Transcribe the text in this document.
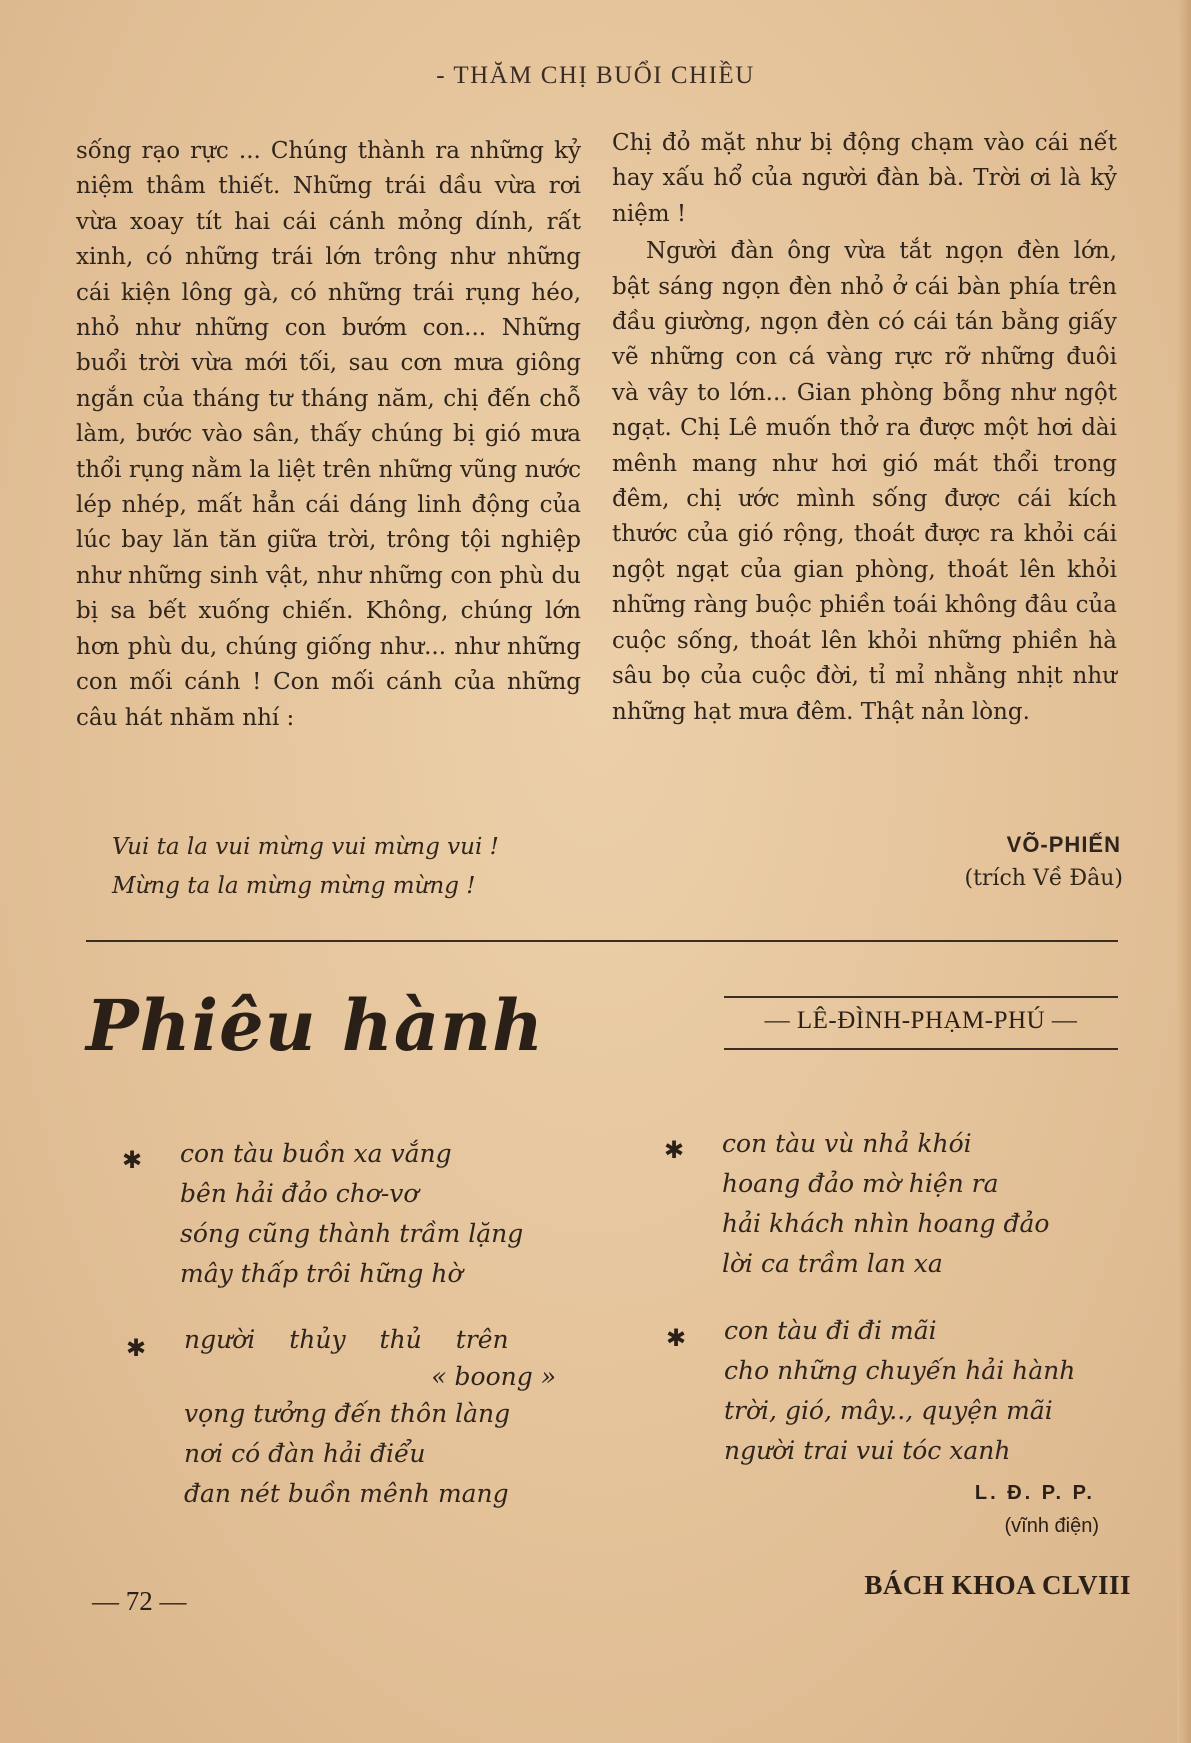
- THĂM CHỊ BUỔI CHIỀU

sống rạo rực ... Chúng thành ra những kỷ niệm thâm thiết. Những trái dầu vừa rơi vừa xoay tít hai cái cánh mỏng dính, rất xinh, có những trái lớn trông như những cái kiện lông gà, có những trái rụng héo, nhỏ như những con bướm con... Những buổi trời vừa mới tối, sau cơn mưa giông ngắn của tháng tư tháng năm, chị đến chỗ làm, bước vào sân, thấy chúng bị gió mưa thổi rụng nằm la liệt trên những vũng nước lép nhép, mất hẳn cái dáng linh động của lúc bay lăn tăn giữa trời, trông tội nghiệp như những sinh vật, như những con phù du bị sa bết xuống chiến. Không, chúng lớn hơn phù du, chúng giống như... như những con mối cánh ! Con mối cánh của những câu hát nhăm nhí :

Vui ta la vui mừng vui mừng vui !
Mừng ta la mừng mừng mừng !

Chị đỏ mặt như bị động chạm vào cái nết hay xấu hổ của người đàn bà. Trời ơi là kỷ niệm !

Người đàn ông vừa tắt ngọn đèn lớn, bật sáng ngọn đèn nhỏ ở cái bàn phía trên đầu giường, ngọn đèn có cái tán bằng giấy vẽ những con cá vàng rực rỡ những đuôi và vây to lớn... Gian phòng bỗng như ngột ngạt. Chị Lê muốn thở ra được một hơi dài mênh mang như hơi gió mát thổi trong đêm, chị ước mình sống được cái kích thước của gió rộng, thoát được ra khỏi cái ngột ngạt của gian phòng, thoát lên khỏi những ràng buộc phiền toái không đâu của cuộc sống, thoát lên khỏi những phiền hà sâu bọ của cuộc đời, tỉ mỉ nhằng nhịt như những hạt mưa đêm. Thật nản lòng.

VÕ-PHIẾN
(trích Về Đâu)
Phiêu hành	— LÊ-ĐÌNH-PHẠM-PHÚ —
✱ con tàu buồn xa vắng
bên hải đảo chơ-vơ
sóng cũng thành trầm lặng
mây thấp trôi hững hờ
✱ người thủy thủ trên
« boong »
vọng tưởng đến thôn làng
nơi có đàn hải điểu
đan nét buồn mênh mang
✱ con tàu vù nhả khói
hoang đảo mờ hiện ra
hải khách nhìn hoang đảo
lời ca trầm lan xa
✱ con tàu đi đi mãi
cho những chuyến hải hành
trời, gió, mây.., quyện mãi
người trai vui tóc xanh
L. Đ. P. P.
(vĩnh điện)
— 72 —
BÁCH KHOA CLVIII
